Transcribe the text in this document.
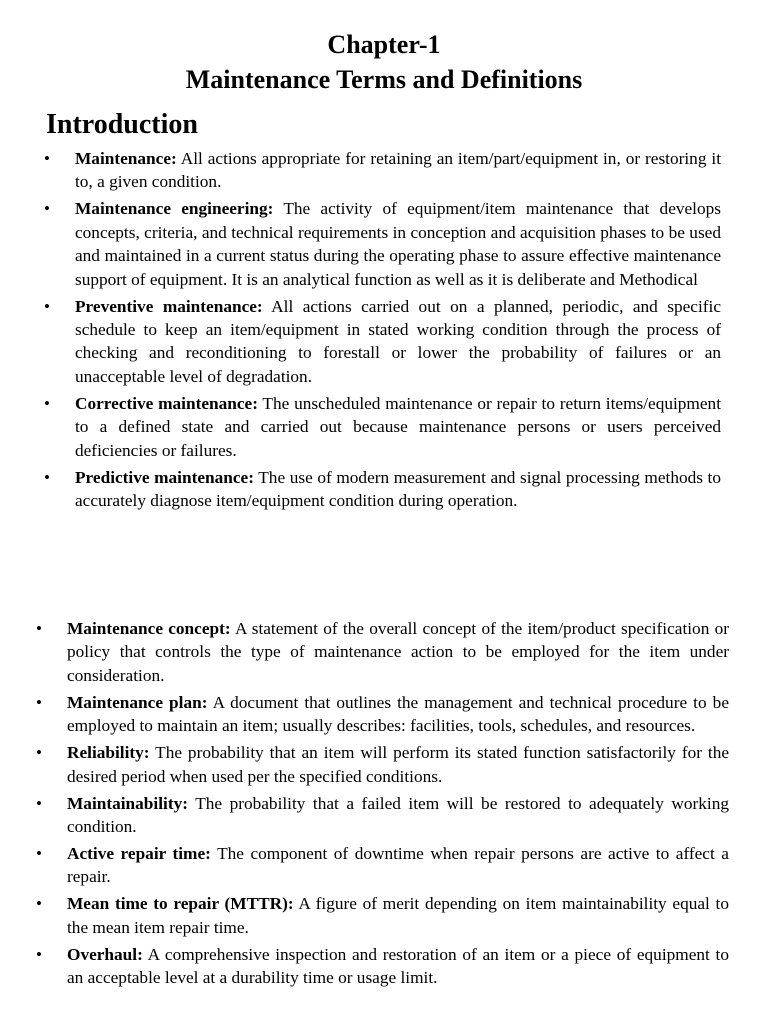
Chapter-1
Maintenance Terms and Definitions
Introduction
• Maintenance: All actions appropriate for retaining an item/part/equipment in, or restoring it to, a given condition.
• Maintenance engineering: The activity of equipment/item maintenance that develops concepts, criteria, and technical requirements in conception and acquisition phases to be used and maintained in a current status during the operating phase to assure effective maintenance support of equipment. It is an analytical function as well as it is deliberate and Methodical
• Preventive maintenance: All actions carried out on a planned, periodic, and specific schedule to keep an item/equipment in stated working condition through the process of checking and reconditioning to forestall or lower the probability of failures or an unacceptable level of degradation.
• Corrective maintenance: The unscheduled maintenance or repair to return items/equipment to a defined state and carried out because maintenance persons or users perceived deficiencies or failures.
• Predictive maintenance: The use of modern measurement and signal processing methods to accurately diagnose item/equipment condition during operation.
• Maintenance concept: A statement of the overall concept of the item/product specification or policy that controls the type of maintenance action to be employed for the item under consideration.
• Maintenance plan: A document that outlines the management and technical procedure to be employed to maintain an item; usually describes: facilities, tools, schedules, and resources.
• Reliability: The probability that an item will perform its stated function satisfactorily for the desired period when used per the specified conditions.
• Maintainability: The probability that a failed item will be restored to adequately working condition.
• Active repair time: The component of downtime when repair persons are active to affect a repair.
• Mean time to repair (MTTR): A figure of merit depending on item maintainability equal to the mean item repair time.
• Overhaul: A comprehensive inspection and restoration of an item or a piece of equipment to an acceptable level at a durability time or usage limit.
